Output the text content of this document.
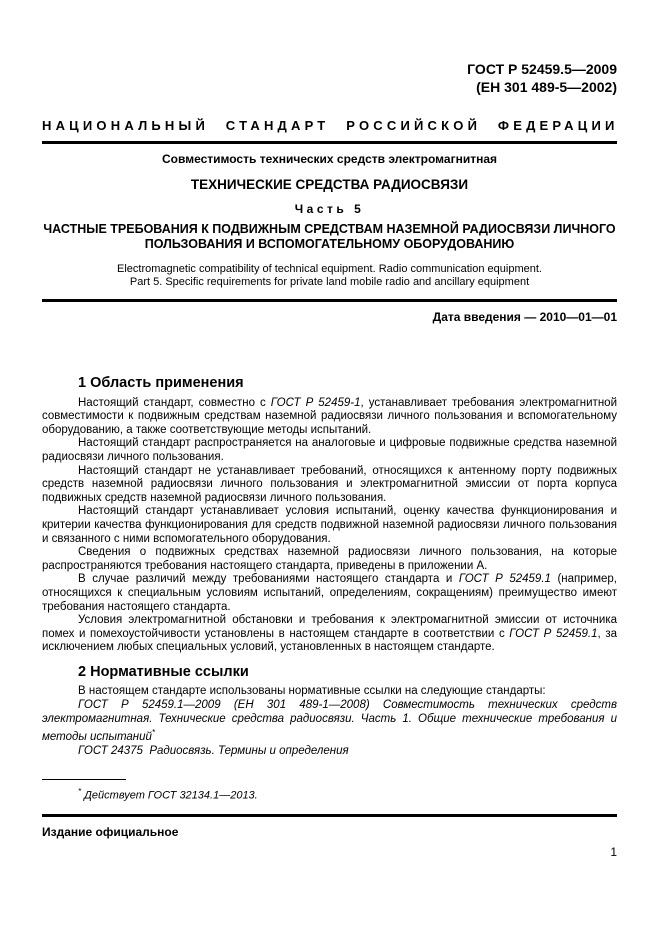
ГОСТ Р 52459.5—2009
(ЕН 301 489-5—2002)
НАЦИОНАЛЬНЫЙ СТАНДАРТ РОССИЙСКОЙ ФЕДЕРАЦИИ
Совместимость технических средств электромагнитная
ТЕХНИЧЕСКИЕ СРЕДСТВА РАДИОСВЯЗИ
Часть 5
ЧАСТНЫЕ ТРЕБОВАНИЯ К ПОДВИЖНЫМ СРЕДСТВАМ НАЗЕМНОЙ РАДИОСВЯЗИ ЛИЧНОГО
ПОЛЬЗОВАНИЯ И ВСПОМОГАТЕЛЬНОМУ ОБОРУДОВАНИЮ
Electromagnetic compatibility of technical equipment. Radio communication equipment.
Part 5. Specific requirements for private land mobile radio and ancillary equipment
Дата введения — 2010—01—01
1 Область применения

Настоящий стандарт, совместно с ГОСТ Р 52459-1, устанавливает требования электромагнитной совместимости к подвижным средствам наземной радиосвязи личного пользования и вспомогательному оборудованию, а также соответствующие методы испытаний.

Настоящий стандарт распространяется на аналоговые и цифровые подвижные средства наземной радиосвязи личного пользования.

Настоящий стандарт не устанавливает требований, относящихся к антенному порту подвижных средств наземной радиосвязи личного пользования и электромагнитной эмиссии от порта корпуса подвижных средств наземной радиосвязи личного пользования.

Настоящий стандарт устанавливает условия испытаний, оценку качества функционирования и критерии качества функционирования для средств подвижной наземной радиосвязи личного пользования и связанного с ними вспомогательного оборудования.

Сведения о подвижных средствах наземной радиосвязи личного пользования, на которые распространяются требования настоящего стандарта, приведены в приложении А.

В случае различий между требованиями настоящего стандарта и ГОСТ Р 52459.1 (например, относящихся к специальным условиям испытаний, определениям, сокращениям) преимущество имеют требования настоящего стандарта.

Условия электромагнитной обстановки и требования к электромагнитной эмиссии от источника помех и помехоустойчивости установлены в настоящем стандарте в соответствии с ГОСТ Р 52459.1, за исключением любых специальных условий, установленных в настоящем стандарте.

2 Нормативные ссылки

В настоящем стандарте использованы нормативные ссылки на следующие стандарты:

ГОСТ Р 52459.1—2009 (ЕН 301 489-1—2008) Совместимость технических средств электромагнитная. Технические средства радиосвязи. Часть 1. Общие технические требования и методы испытаний*

ГОСТ 24375  Радиосвязь. Термины и определения

* Действует ГОСТ 32134.1—2013.
Издание официальное
1
